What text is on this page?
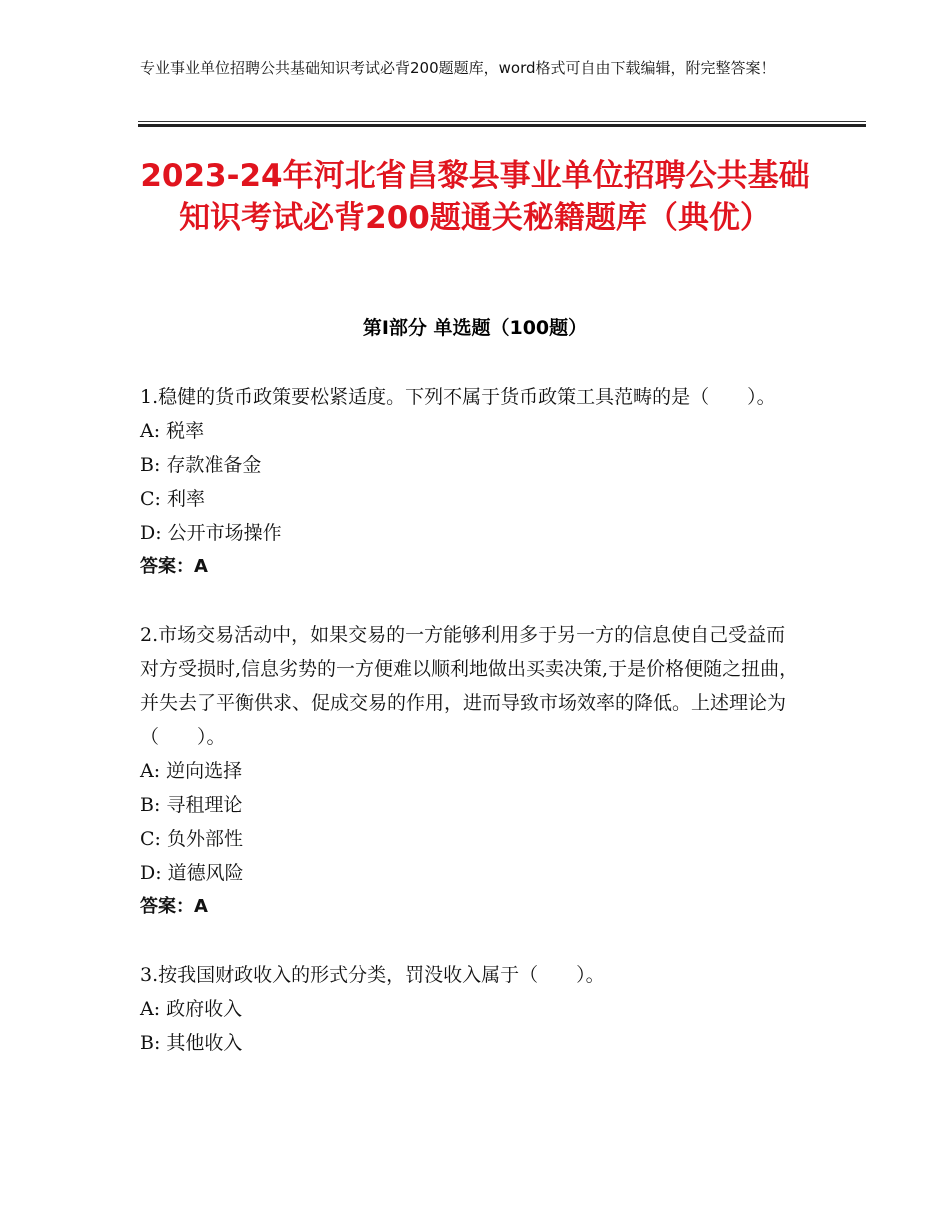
专业事业单位招聘公共基础知识考试必背200题题库，word格式可自由下载编辑，附完整答案！
2023-24年河北省昌黎县事业单位招聘公共基础知识考试必背200题通关秘籍题库（典优）
第Ⅰ部分 单选题（100题）
1.稳健的货币政策要松紧适度。下列不属于货币政策工具范畴的是（　　）。
A: 税率
B: 存款准备金
C: 利率
D: 公开市场操作
答案：A
2.市场交易活动中，如果交易的一方能够利用多于另一方的信息使自己受益而对方受损时,信息劣势的一方便难以顺利地做出买卖决策,于是价格便随之扭曲，并失去了平衡供求、促成交易的作用，进而导致市场效率的降低。上述理论为（　　）。
A: 逆向选择
B: 寻租理论
C: 负外部性
D: 道德风险
答案：A
3.按我国财政收入的形式分类，罚没收入属于（　　）。
A: 政府收入
B: 其他收入
